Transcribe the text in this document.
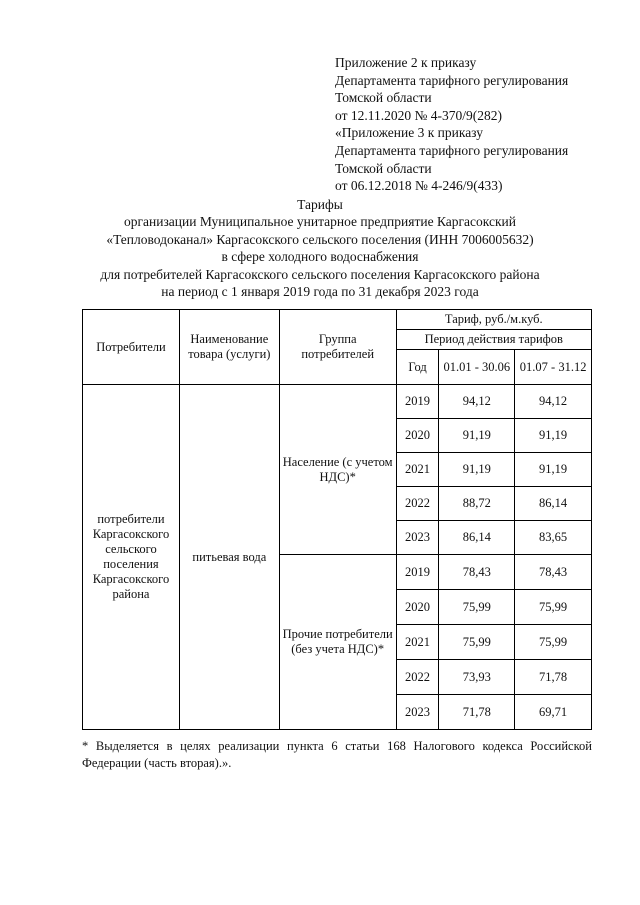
Приложение 2 к приказу
Департамента тарифного регулирования
Томской области
от 12.11.2020 № 4-370/9(282)
«Приложение 3 к приказу
Департамента тарифного регулирования
Томской области
от 06.12.2018 № 4-246/9(433)
Тарифы
организации Муниципальное унитарное предприятие Каргасокский
«Тепловодоканал» Каргасокского сельского поселения (ИНН 7006005632)
в сфере холодного водоснабжения
для потребителей Каргасокского сельского поселения Каргасокского района
на период с 1 января 2019 года по 31 декабря 2023 года
Потребители	Наименование товара (услуги)	Группа потребителей	Тариф, руб./м.куб.		
			Период действия тарифов		
			Год	01.01 - 30.06	01.07 - 31.12
потребители Каргасокского сельского поселения Каргасокского района	питьевая вода	Население (с учетом НДС)*	2019	94,12	94,12
			2020	91,19	91,19
			2021	91,19	91,19
			2022	88,72	86,14
			2023	86,14	83,65
		Прочие потребители (без учета НДС)*	2019	78,43	78,43
			2020	75,99	75,99
			2021	75,99	75,99
			2022	73,93	71,78
			2023	71,78	69,71
* Выделяется в целях реализации пункта 6 статьи 168 Налогового кодекса Российской Федерации (часть вторая).».
